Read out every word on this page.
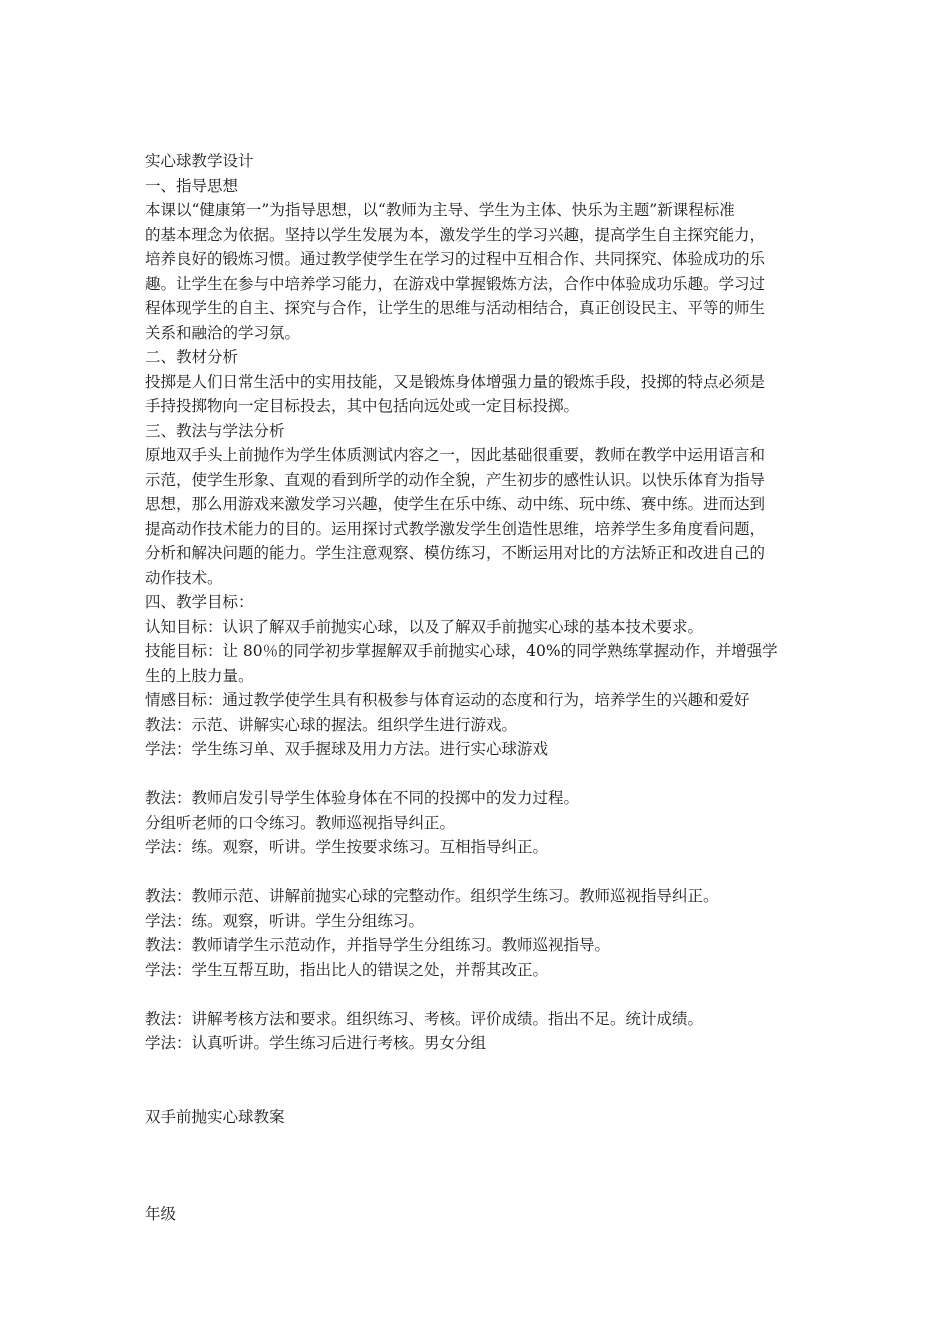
实心球教学设计
一、指导思想
本课以“健康第一”为指导思想，以“教师为主导、学生为主体、快乐为主题”新课程标准
的基本理念为依据。坚持以学生发展为本，激发学生的学习兴趣，提高学生自主探究能力，
培养良好的锻炼习惯。通过教学使学生在学习的过程中互相合作、共同探究、体验成功的乐
趣。让学生在参与中培养学习能力，在游戏中掌握锻炼方法，合作中体验成功乐趣。学习过
程体现学生的自主、探究与合作，让学生的思维与活动相结合，真正创设民主、平等的师生
关系和融洽的学习氛。
二、教材分析
投掷是人们日常生活中的实用技能，又是锻炼身体增强力量的锻炼手段，投掷的特点必须是
手持投掷物向一定目标投去，其中包括向远处或一定目标投掷。
三、教法与学法分析
原地双手头上前抛作为学生体质测试内容之一，因此基础很重要，教师在教学中运用语言和
示范，使学生形象、直观的看到所学的动作全貌，产生初步的感性认识。以快乐体育为指导
思想，那么用游戏来激发学习兴趣，使学生在乐中练、动中练、玩中练、赛中练。进而达到
提高动作技术能力的目的。运用探讨式教学激发学生创造性思维，培养学生多角度看问题，
分析和解决问题的能力。学生注意观察、模仿练习，不断运用对比的方法矫正和改进自己的
动作技术。
四、教学目标：
认知目标：认识了解双手前抛实心球，以及了解双手前抛实心球的基本技术要求。
技能目标：让 80％的同学初步掌握解双手前抛实心球，40%的同学熟练掌握动作，并增强学
生的上肢力量。
情感目标：通过教学使学生具有积极参与体育运动的态度和行为，培养学生的兴趣和爱好
教法：示范、讲解实心球的握法。组织学生进行游戏。
学法：学生练习单、双手握球及用力方法。进行实心球游戏
教法：教师启发引导学生体验身体在不同的投掷中的发力过程。
分组听老师的口令练习。教师巡视指导纠正。
学法：练。观察，听讲。学生按要求练习。互相指导纠正。
教法：教师示范、讲解前抛实心球的完整动作。组织学生练习。教师巡视指导纠正。
学法：练。观察，听讲。学生分组练习。
教法：教师请学生示范动作，并指导学生分组练习。教师巡视指导。
学法：学生互帮互助，指出比人的错误之处，并帮其改正。
教法：讲解考核方法和要求。组织练习、考核。评价成绩。指出不足。统计成绩。
学法：认真听讲。学生练习后进行考核。男女分组
双手前抛实心球教案
年级
